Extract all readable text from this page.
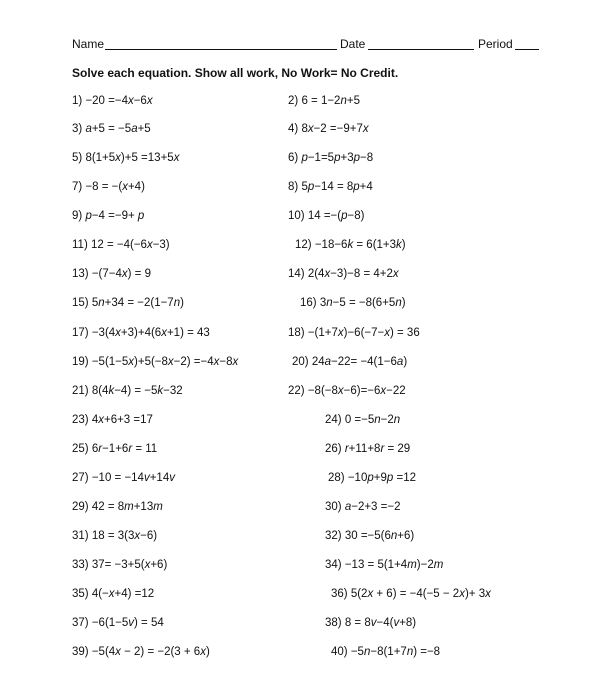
Name	Date	Period
Solve each equation. Show all work, No Work= No Credit.
1) −20 =−4x−6x	2) 6 = 1−2n+5
3) a+5 = −5a+5	4) 8x−2 =−9+7x
5) 8(1+5x)+5 =13+5x	6) p−1=5p+3p−8
7) −8 = −(x+4)	8) 5p−14 = 8p+4
9) p−4 =−9+ p	10) 14 =−(p−8)
11) 12 = −4(−6x−3)	12) −18−6k = 6(1+3k)
13) −(7−4x) = 9	14) 2(4x−3)−8 = 4+2x
15) 5n+34 = −2(1−7n)	16) 3n−5 = −8(6+5n)
17) −3(4x+3)+4(6x+1) = 43	18) −(1+7x)−6(−7−x) = 36
19) −5(1−5x)+5(−8x−2) =−4x−8x	20) 24a−22= −4(1−6a)
21) 8(4k−4) = −5k−32	22) −8(−8x−6)=−6x−22
23) 4x+6+3 =17	24) 0 =−5n−2n
25) 6r−1+6r = 11	26) r+11+8r = 29
27) −10 = −14v+14v	28) −10p+9p =12
29) 42 = 8m+13m	30) a−2+3 =−2
31) 18 = 3(3x−6)	32) 30 =−5(6n+6)
33) 37= −3+5(x+6)	34) −13 = 5(1+4m)−2m
35) 4(−x+4) =12	36) 5(2x + 6) = −4(−5 − 2x)+ 3x
37) −6(1−5v) = 54	38) 8 = 8v−4(v+8)
39) −5(4x − 2) = −2(3 + 6x)	40) −5n−8(1+7n) =−8
